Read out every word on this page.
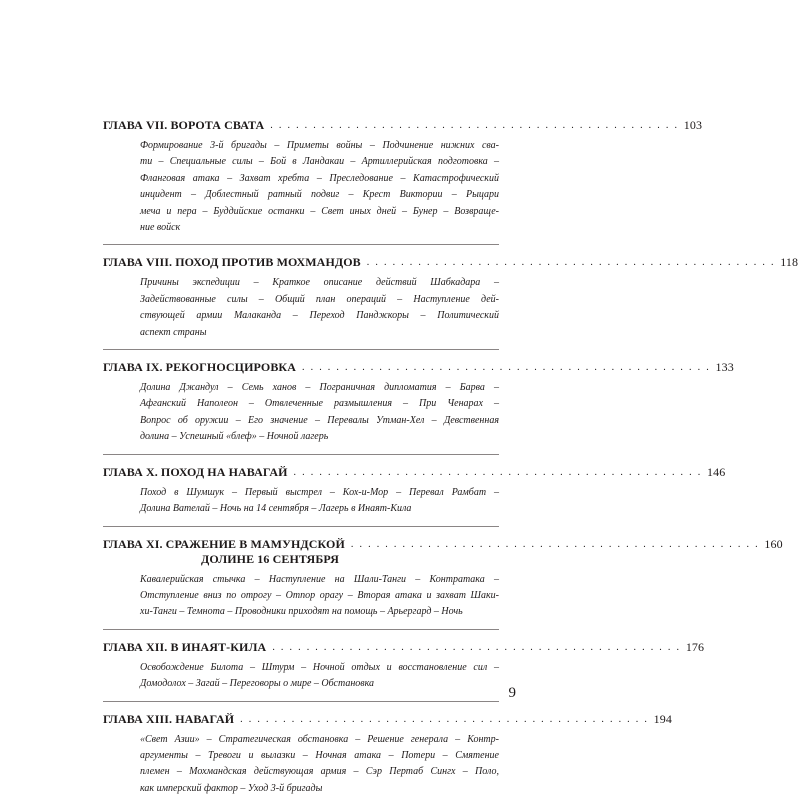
ГЛАВА VII. ВОРОТА СВАТА . . . . . . . . . . . . . . . . . . . . . . . . . . . . . . . . . . . . . . . . . . . . . . . . 103
Формирование 3-й бригады – Приметы войны – Подчинение нижних сва-
ти – Специальные силы – Бой в Ландакаи – Артиллерийская подготовка –
Фланговая атака – Захват хребта – Преследование – Катастрофический
инцидент – Доблестный ратный подвиг – Крест Виктории – Рыцари
меча и пера – Буддийские останки – Свет иных дней – Бунер – Возвраще-
ние войск
ГЛАВА VIII. ПОХОД ПРОТИВ МОХМАНДОВ . . . . . . . . . . . . . . . . . . . . . . . . . . . . . . . . . . . . . . . . . . . . . . . . 118
Причины экспедиции – Краткое описание действий Шабкадара –
Задействованные силы – Общий план операций – Наступление дей-
ствующей армии Малаканда – Переход Панджкоры – Политический
аспект страны
ГЛАВА IX. РЕКОГНОСЦИРОВКА . . . . . . . . . . . . . . . . . . . . . . . . . . . . . . . . . . . . . . . . . . . . . . . . 133
Долина Джандул – Семь ханов – Пограничная дипломатия – Барва –
Афганский Наполеон – Отвлеченные размышления – При Ченарах –
Вопрос об оружии – Его значение – Перевалы Утман-Хел – Девственная
долина – Успешный «блеф» – Ночной лагерь
ГЛАВА X. ПОХОД НА НАВАГАЙ . . . . . . . . . . . . . . . . . . . . . . . . . . . . . . . . . . . . . . . . . . . . . . . . 146
Поход в Шумшук – Первый выстрел – Кох-и-Мор – Перевал Рамбат –
Долина Вателай – Ночь на 14 сентября – Лагерь в Инаят-Кила
ГЛАВА XI. СРАЖЕНИЕ В МАМУНДСКОЙ
ДОЛИНЕ 16 СЕНТЯБРЯ
. . . . . . . . . . . . . . . . . . . . . . . . . . . . . . . . . . . . . . . . . . . . . . . . 160
Кавалерийская стычка – Наступление на Шали-Танги – Контратака –
Отступление вниз по отрогу – Отпор орагу – Вторая атака и захват Шаки-
хи-Танги – Темнота – Проводники приходят на помощь – Арьергард – Ночь
ГЛАВА XII. В ИНАЯТ-КИЛА . . . . . . . . . . . . . . . . . . . . . . . . . . . . . . . . . . . . . . . . . . . . . . . . 176
Освобождение Билота – Штурм – Ночной отдых и восстановление сил –
Домодолох – Загай – Переговоры о мире – Обстановка
ГЛАВА XIII. НАВАГАЙ . . . . . . . . . . . . . . . . . . . . . . . . . . . . . . . . . . . . . . . . . . . . . . . . 194
«Свет Азии» – Стратегическая обстановка – Решение генерала – Контр-
аргументы – Тревоги и вылазки – Ночная атака – Потери – Смятение
племен – Мохмандская действующая армия – Сэр Пертаб Сингх – Поло,
как имперский фактор – Уход 3-й бригады
9
